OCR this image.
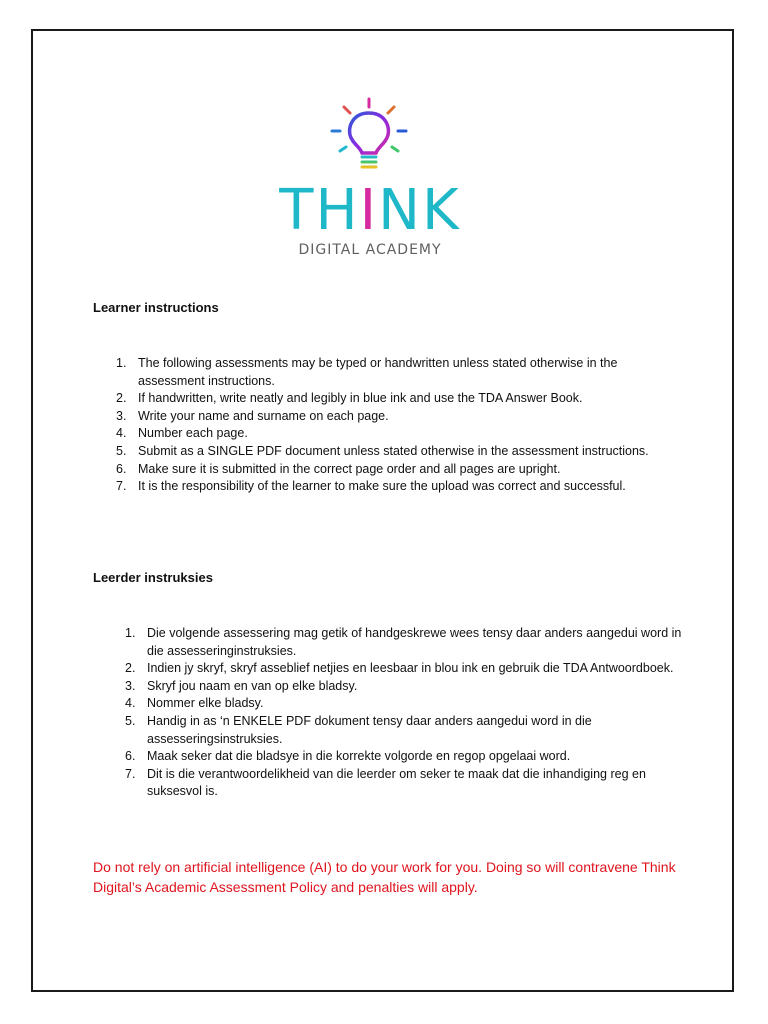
THINK
DIGITAL ACADEMY
Learner instructions
1. The following assessments may be typed or handwritten unless stated otherwise in the assessment instructions.
2. If handwritten, write neatly and legibly in blue ink and use the TDA Answer Book.
3. Write your name and surname on each page.
4. Number each page.
5. Submit as a SINGLE PDF document unless stated otherwise in the assessment instructions.
6. Make sure it is submitted in the correct page order and all pages are upright.
7. It is the responsibility of the learner to make sure the upload was correct and successful.
Leerder instruksies
1. Die volgende assessering mag getik of handgeskrewe wees tensy daar anders aangedui word in die assesseringinstruksies.
2. Indien jy skryf, skryf asseblief netjies en leesbaar in blou ink en gebruik die TDA Antwoordboek.
3. Skryf jou naam en van op elke bladsy.
4. Nommer elke bladsy.
5. Handig in as ‘n ENKELE PDF dokument tensy daar anders aangedui word in die assesseringsinstruksies.
6. Maak seker dat die bladsye in die korrekte volgorde en regop opgelaai word.
7. Dit is die verantwoordelikheid van die leerder om seker te maak dat die inhandiging reg en suksesvol is.
Do not rely on artificial intelligence (AI) to do your work for you. Doing so will contravene Think Digital’s Academic Assessment Policy and penalties will apply.
